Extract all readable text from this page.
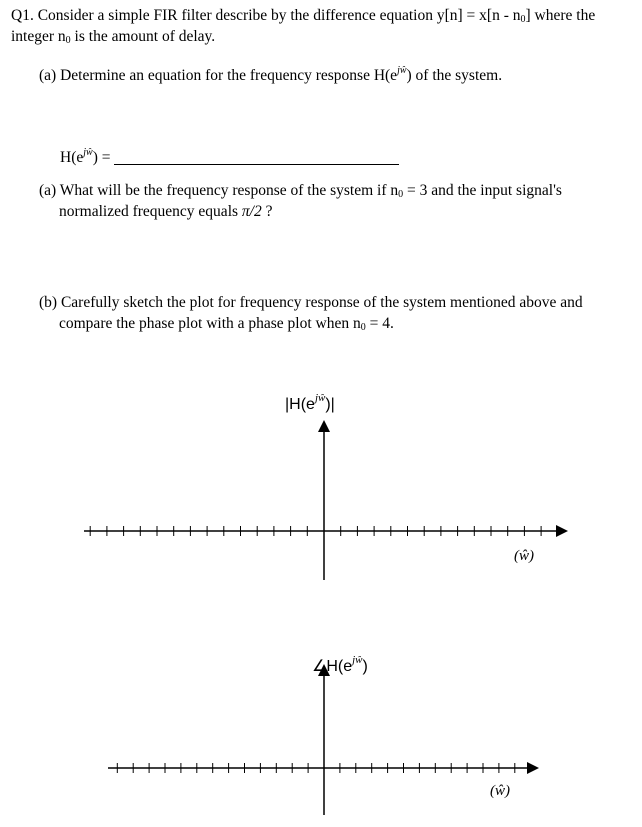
Q1. Consider a simple FIR filter describe by the difference equation $y[n] = x[n - n_0]$ where the
integer $n_0$ is the amount of delay.
(a) Determine an equation for the frequency response $H(e^{jŵ})$ of the system.
$H(e^{jŵ})$ =
(a) What will be the frequency response of the system if $n_0 = 3$ and the input signal's
normalized frequency equals π/2 ?
(b) Carefully sketch the plot for frequency response of the system mentioned above and
compare the phase plot with a phase plot when $n_0 = 4$.
$|H(e^{jŵ})|$
(ŵ)
$\angle H(e^{jŵ})$
(ŵ)
